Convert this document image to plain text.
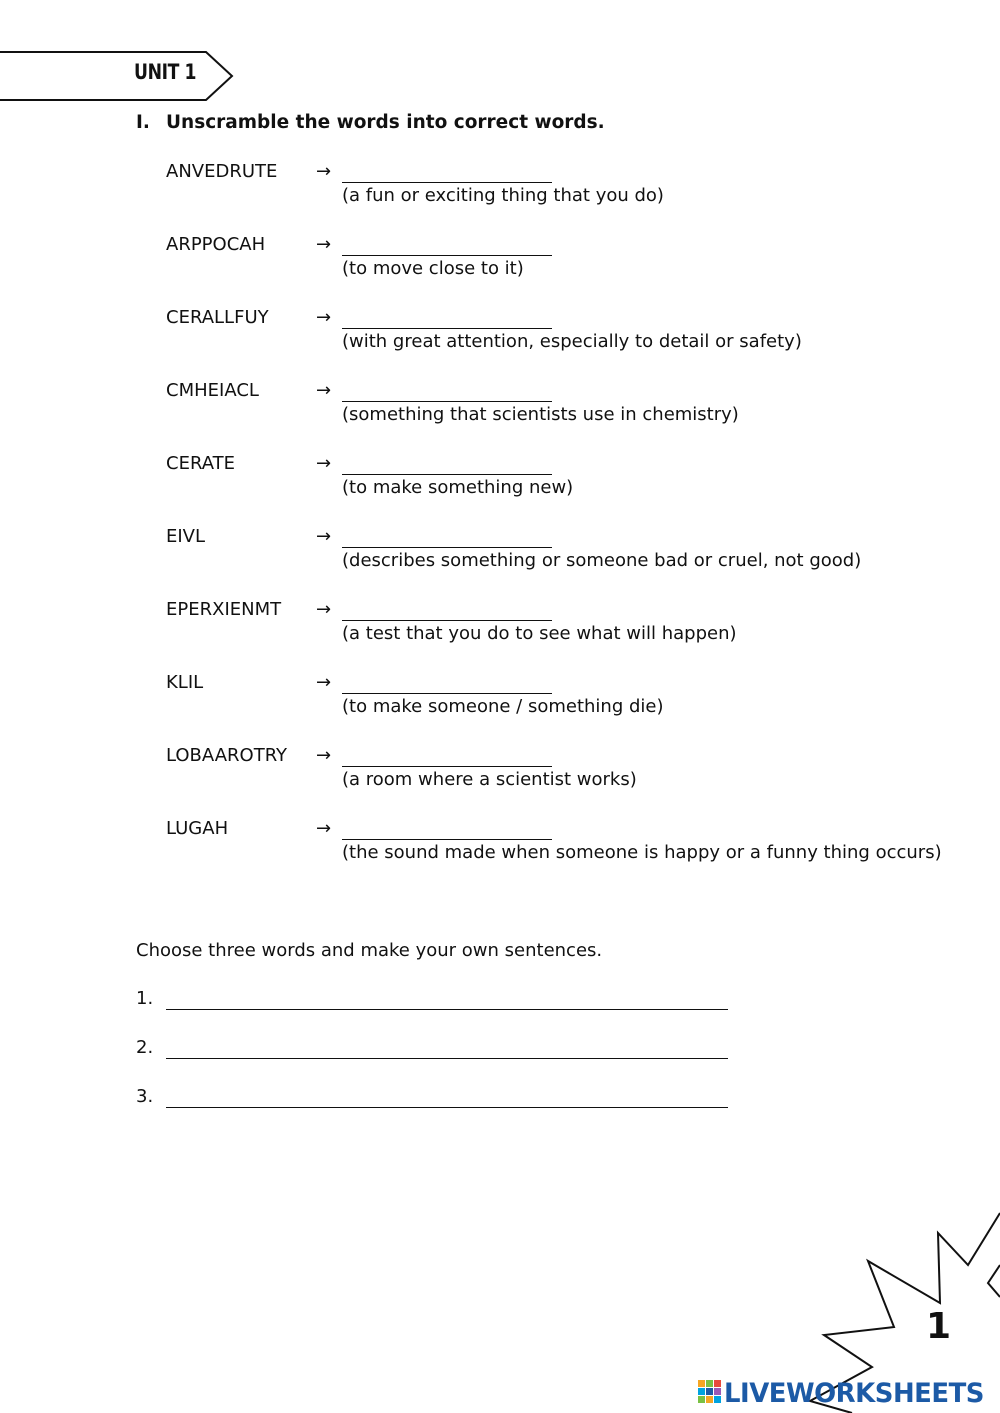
UNIT 1
I. Unscramble the words into correct words.
ANVEDRUTE →
(a fun or exciting thing that you do)
ARPPOCAH	→
(to move close to it)
CERALLFUY	→
(with great attention, especially to detail or safety)
CMHEIACL	→
(something that scientists use in chemistry)
CERATE	→
(to make something new)
EIVL	→
(describes something or someone bad or cruel, not good)
EPERXIENMT →
(a test that you do to see what will happen)
KLIL	→
(to make someone / something die)
LOBAAROTRY →
(a room where a scientist works)
LUGAH	→
(the sound made when someone is happy or a funny thing occurs)
Choose three words and make your own sentences.
1.
2.
3.
1
LIVEWORKSHEETS
